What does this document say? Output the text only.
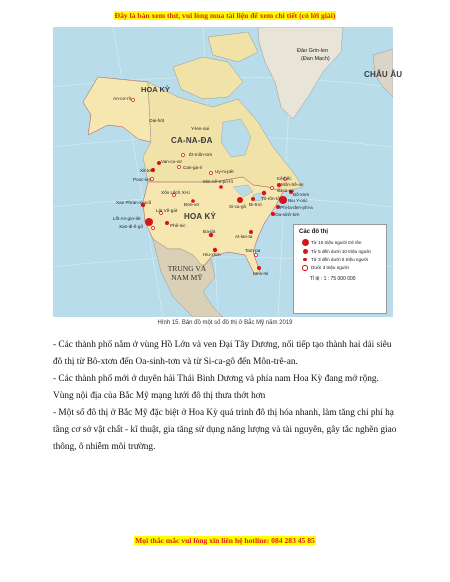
Đây là bản xem thử, vui lòng mua tài liệu để xem chi tiết (có lời giải)
CHÂU ÂU
HOA KỲ
CA-NA-ĐA
HOA KỲ
TRUNG VÀ NAM MỸ
Đảo Grin-len
(Đan Mạch)
An-cơ-rít
Oai-hót
Y-len-nai
Ét-môn-tơn
Van-cu-vơ
Can-ga-ri
Xit-tơn
Pooc-len	Min-nê-a-pô-lít
Uy-ni-pét
Kê-bếc
Ốt-ta-oa
Môn-trê-an
Bô-xtơn
Tô-rôn-tô Niu Y-oóc
Phi-la-đen-phi-a
Oa-sinh-tơn
Si-ca-gô Đi-trơi
Đen-vơ
Xan Phran-xi-xcô
Xôn Lếch Xi-ti
Lát Vê-gát
Lốt An-giơ-lét
Xan-đi-ê-gô	Phê-nic
Đa-lát
At-lan-ta
Hiu-xtơn
Tam-pa
Mi-a-mi
Các đô thị
Từ 10 triệu người trở lên
Từ 5 đến dưới 10 triệu người
Từ 3 đến dưới 5 triệu người
Dưới 3 triệu người
Tỉ lệ : 1 : 75 000 000
Hình 15. Bản đồ một số đô thị ở Bắc Mỹ năm 2019

- Các thành phố nằm ở vùng Hồ Lớn và ven Đại Tây Dương, nối tiếp tạo thành hai dải siêu đô thị từ Bô-xtơn đến Oa-sinh-tơn và từ Si-ca-gô đến Môn-trê-an.

- Các thành phố mới ở duyên hải Thái Bình Dương và phía nam Hoa Kỳ đang mở rộng. Vùng nội địa của Bắc Mỹ mạng lưới đô thị thưa thớt hơn

- Một số đô thị ở Bắc Mỹ đặc biệt ở Hoa Kỳ quá trình đô thị hóa nhanh, làm tăng chi phí hạ tầng cơ sở vật chất - kĩ thuật, gia tăng sử dụng năng lượng và tài nguyên, gây tắc nghẽn giao thông, ô nhiễm môi trường.

Mọi thắc mắc vui lòng xin liên hệ hotline: 084 283 45 85
